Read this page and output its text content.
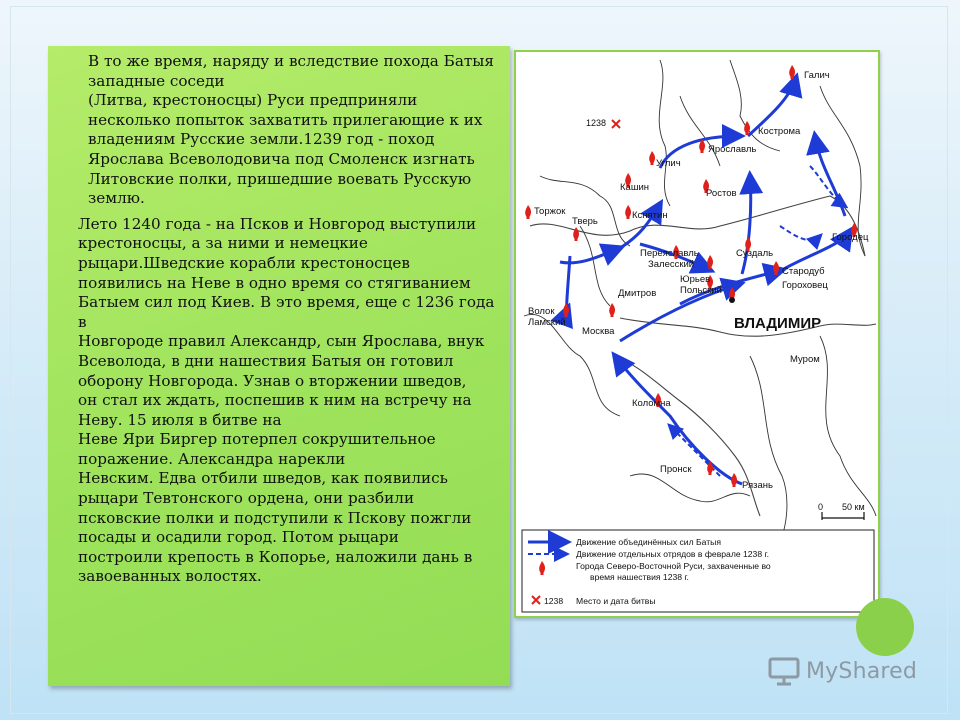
В то же время, наряду и вследствие похода Батыя
западные соседи
(Литва, крестоносцы) Руси предприняли
несколько попыток захватить прилегающие к их
владениям Русские земли.1239 год - поход
Ярослава Всеволодовича под Смоленск изгнать
Литовские полки, пришедшие воевать Русскую
землю.

Лето 1240 года - на Псков и Новгород выступили
крестоносцы, а за ними и немецкие
рыцари.Шведские корабли крестоносцев
появились на Неве в одно время со стягиванием
Батыем сил под Киев. В это время, еще с 1236 года
в
Новгороде правил Александр, сын Ярослава, внук
Всеволода, в дни нашествия Батыя он готовил
оборону Новгорода. Узнав о вторжении шведов,
он стал их ждать, поспешив к ним на встречу на
Неву. 15 июля в битве на
Неве Яри Биргер потерпел сокрушительное
поражение. Александра нарекли
Невским. Едва отбили шведов, как появились
рыцари Тевтонского ордена, они разбили
псковские полки и подступили к Пскову пожгли
посады и осадили город. Потом рыцари
построили крепость в Копорье, наложили дань в
завоеванных волостях.

Галич
Кострома
Ярославль
Углич
Кашин
Ростов
Торжок
Тверь
Кснятин
Переяславль
Залесский
Суздаль
Городец
Стародуб
Гороховец
Юрьев
Польский
Дмитров
Волок
Ламский
Москва
Муром
Коломна
Пронск
Рязань
1238
ВЛАДИМИР
0 50 км
Движение объединённых сил Батыя
Движение отдельных отрядов в феврале 1238 г.
Города Северо-Восточной Руси, захваченные во
время нашествия 1238 г.
1238 Место и дата битвы
MyShared
